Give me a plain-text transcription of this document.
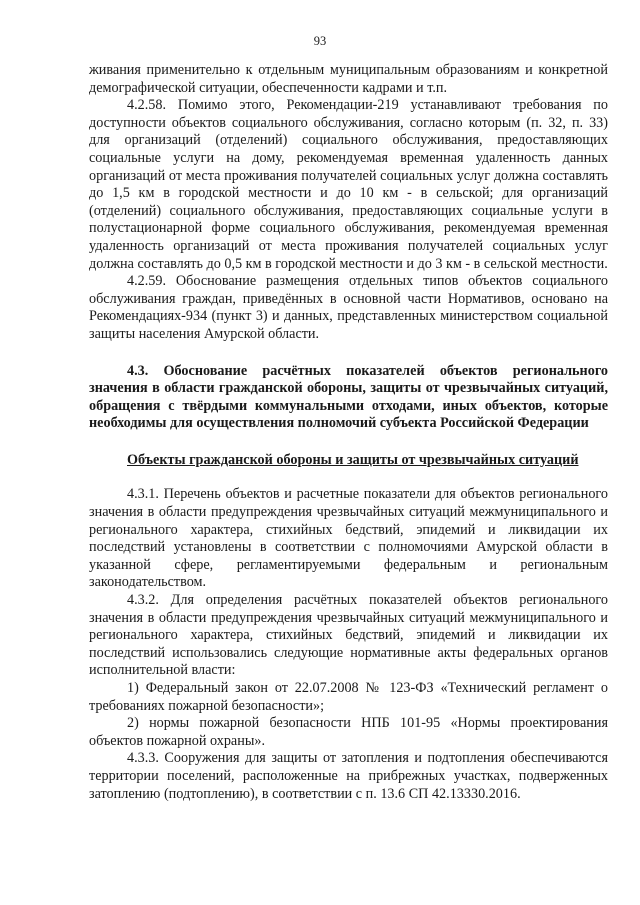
93

живания применительно к отдельным муниципальным образованиям и конкретной демографической ситуации, обеспеченности кадрами и т.п.

4.2.58. Помимо этого, Рекомендации-219 устанавливают требования по доступности объектов социального обслуживания, согласно которым (п. 32, п. 33) для организаций (отделений) социального обслуживания, предоставляющих социальные услуги на дому, рекомендуемая временная удаленность данных организаций от места проживания получателей социальных услуг должна составлять до 1,5 км в городской местности и до 10 км - в сельской; для организаций (отделений) социального обслуживания, предоставляющих социальные услуги в полустационарной форме социального обслуживания, рекомендуемая временная удаленность организаций от места проживания получателей социальных услуг должна составлять до 0,5 км в городской местности и до 3 км - в сельской местности.

4.2.59. Обоснование размещения отдельных типов объектов социального обслуживания граждан, приведённых в основной части Нормативов, основано на Рекомендациях-934 (пункт 3) и данных, представленных министерством социальной защиты населения Амурской области.

4.3. Обоснование расчётных показателей объектов регионального значения в области гражданской обороны, защиты от чрезвычайных ситуаций, обращения с твёрдыми коммунальными отходами, иных объектов, которые необходимы для осуществления полномочий субъекта Российской Федерации

Объекты гражданской обороны и защиты от чрезвычайных ситуаций

4.3.1. Перечень объектов и расчетные показатели для объектов регионального значения в области предупреждения чрезвычайных ситуаций межмуниципального и регионального характера, стихийных бедствий, эпидемий и ликвидации их последствий установлены в соответствии с полномочиями Амурской области в указанной сфере, регламентируемыми федеральным и региональным законодательством.

4.3.2. Для определения расчётных показателей объектов регионального значения в области предупреждения чрезвычайных ситуаций межмуниципального и регионального характера, стихийных бедствий, эпидемий и ликвидации их последствий использовались следующие нормативные акты федеральных органов исполнительной власти:

1) Федеральный закон от 22.07.2008 № 123-ФЗ «Технический регламент о требованиях пожарной безопасности»;

2) нормы пожарной безопасности НПБ 101-95 «Нормы проектирования объектов пожарной охраны».

4.3.3. Сооружения для защиты от затопления и подтопления обеспечиваются территории поселений, расположенные на прибрежных участках, подверженных затоплению (подтоплению), в соответствии с п. 13.6 СП 42.13330.2016.
